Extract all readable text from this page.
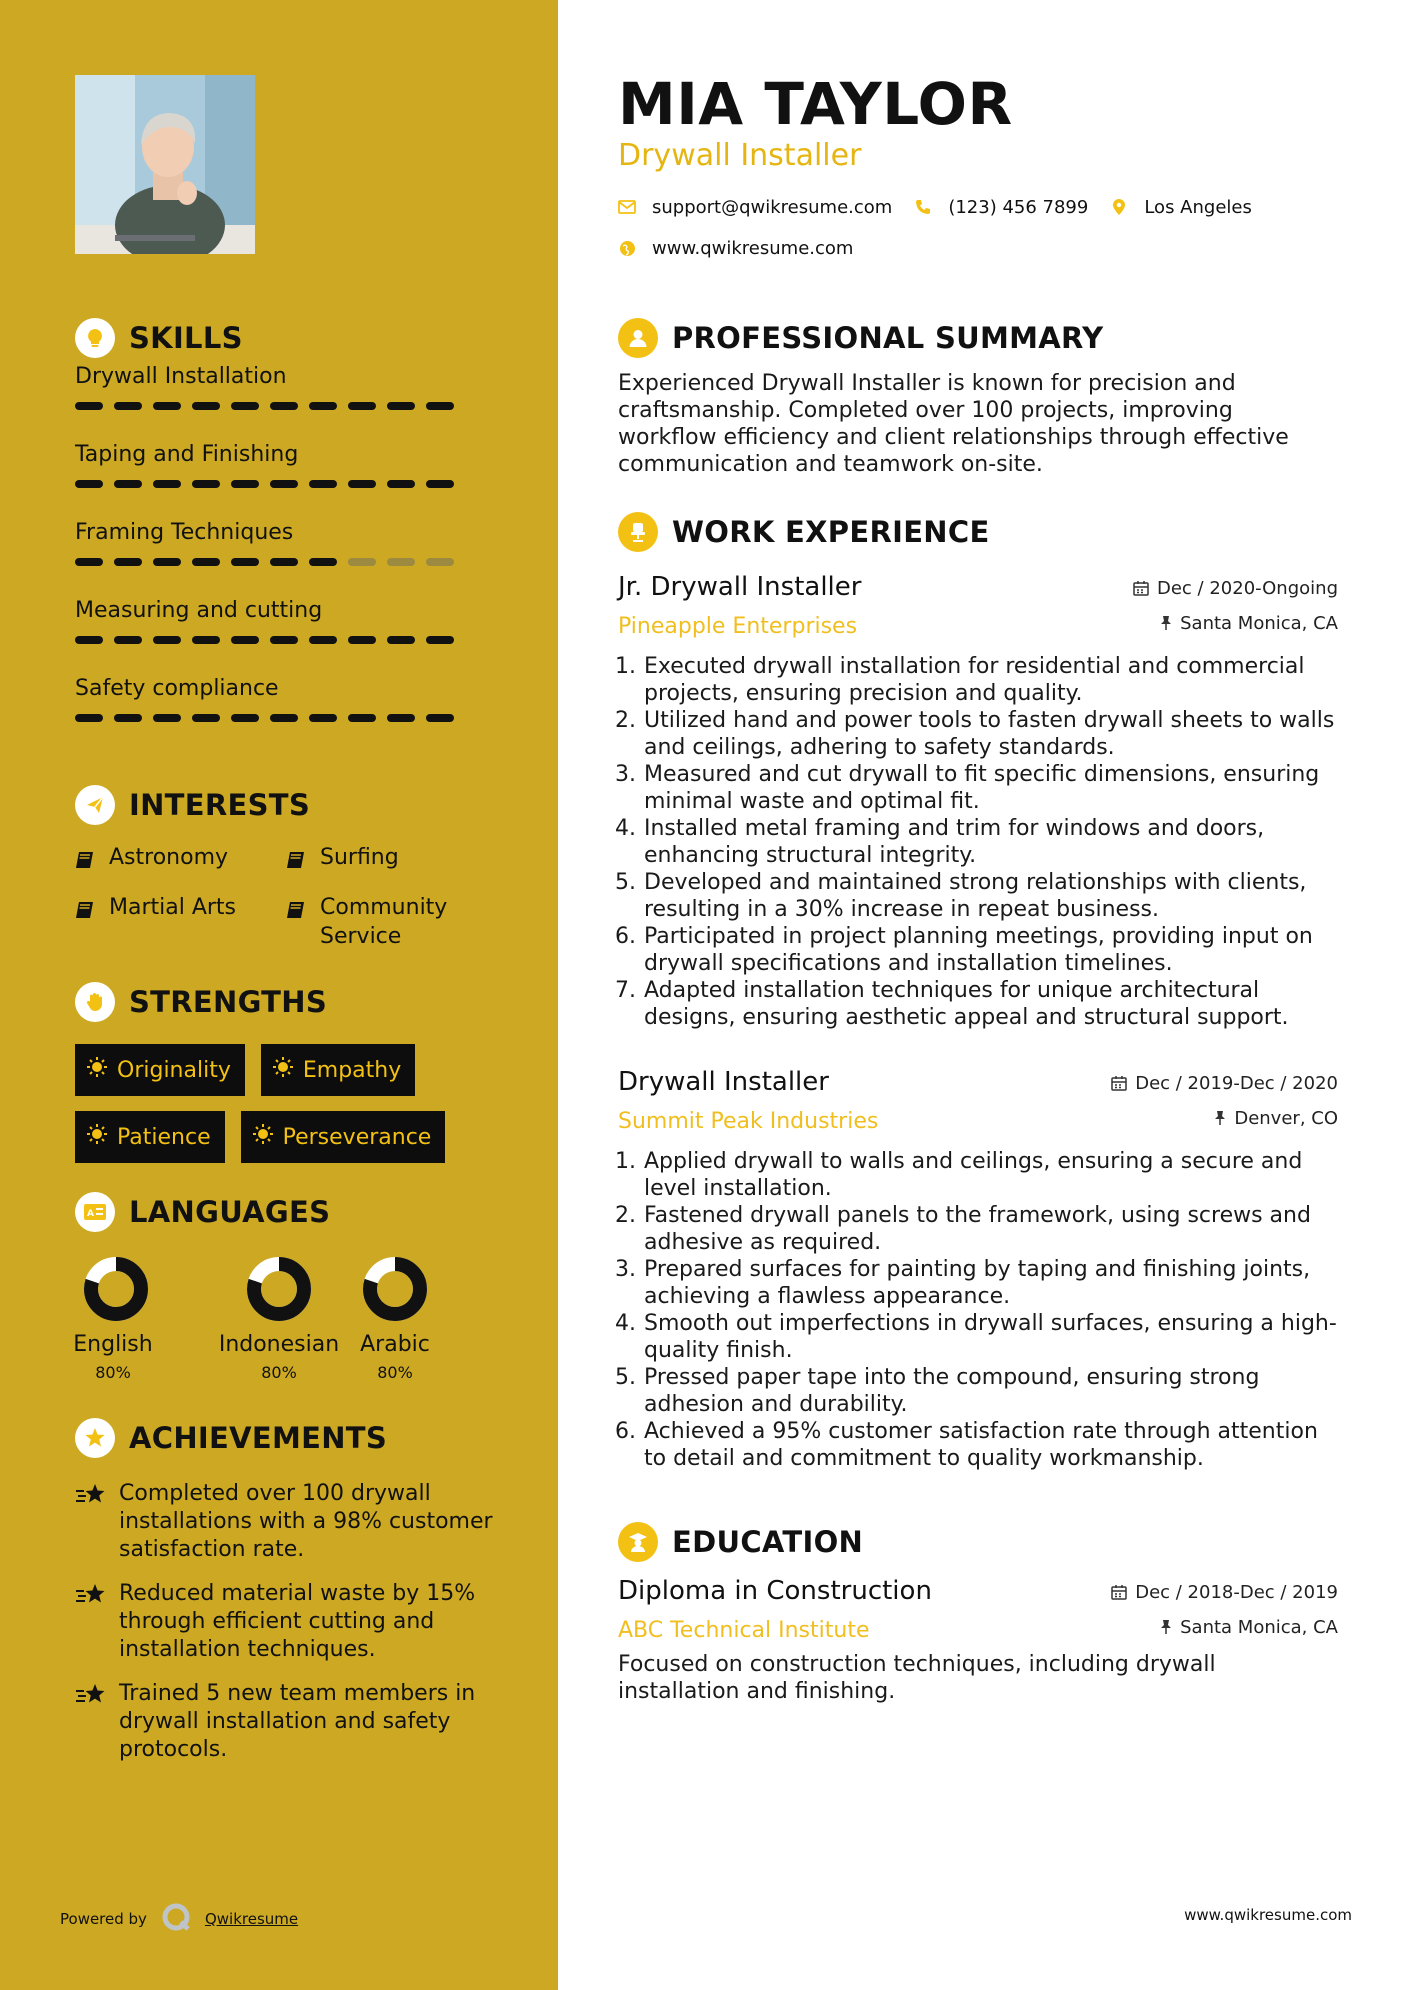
SKILLS
Drywall Installation
Taping and Finishing
Framing Techniques
Measuring and cutting
Safety compliance
INTERESTS
Astronomy	Surfing
Martial Arts	Community Service
STRENGTHS
Originality	Empathy
Patience	Perseverance
A LANGUAGES
English
80%
Indonesian
80%
Arabic
80%
ACHIEVEMENTS
Completed over 100 drywall installations with a 98% customer satisfaction rate.
Reduced material waste by 15% through efficient cutting and installation techniques.
Trained 5 new team members in drywall installation and safety protocols.
Powered by	Qwikresume
MIA TAYLOR
Drywall Installer
support@qwikresume.com	(123) 456 7899	Los Angeles
www.qwikresume.com
PROFESSIONAL SUMMARY

Experienced Drywall Installer is known for precision and craftsmanship. Completed over 100 projects, improving workflow efficiency and client relationships through effective communication and teamwork on-site.

WORK EXPERIENCE
Jr. Drywall Installer
Pineapple Enterprises
Dec / 2020-Ongoing
Santa Monica, CA
1. Executed drywall installation for residential and commercial projects, ensuring precision and quality.
2. Utilized hand and power tools to fasten drywall sheets to walls and ceilings, adhering to safety standards.
3. Measured and cut drywall to fit specific dimensions, ensuring minimal waste and optimal fit.
4. Installed metal framing and trim for windows and doors, enhancing structural integrity.
5. Developed and maintained strong relationships with clients, resulting in a 30% increase in repeat business.
6. Participated in project planning meetings, providing input on drywall specifications and installation timelines.
7. Adapted installation techniques for unique architectural designs, ensuring aesthetic appeal and structural support.
Drywall Installer
Summit Peak Industries
Dec / 2019-Dec / 2020
Denver, CO
1. Applied drywall to walls and ceilings, ensuring a secure and level installation.
2. Fastened drywall panels to the framework, using screws and adhesive as required.
3. Prepared surfaces for painting by taping and finishing joints, achieving a flawless appearance.
4. Smooth out imperfections in drywall surfaces, ensuring a high-quality finish.
5. Pressed paper tape into the compound, ensuring strong adhesion and durability.
6. Achieved a 95% customer satisfaction rate through attention to detail and commitment to quality workmanship.
EDUCATION
Diploma in Construction
ABC Technical Institute
Dec / 2018-Dec / 2019
Santa Monica, CA

Focused on construction techniques, including drywall installation and finishing.

www.qwikresume.com
